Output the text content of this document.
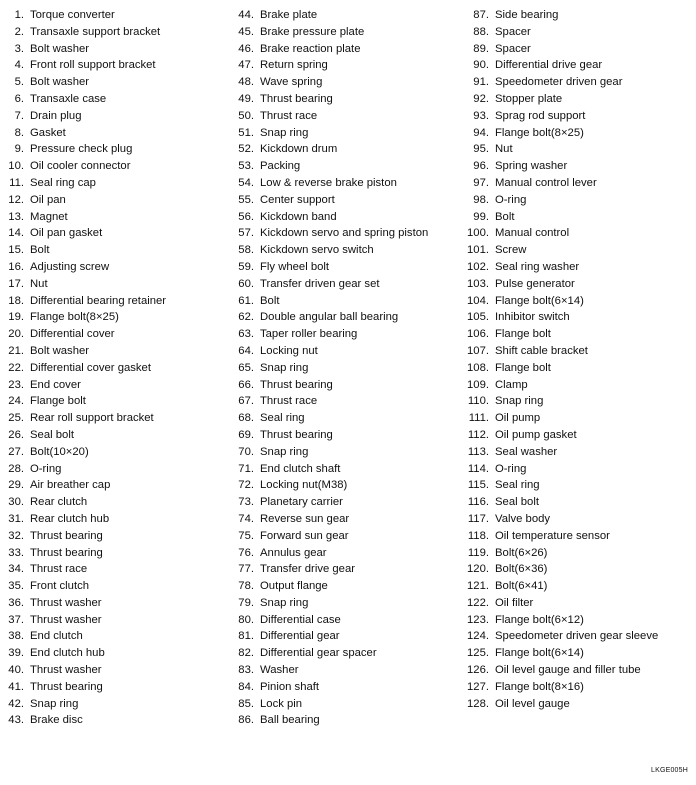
1. Torque converter
2. Transaxle support bracket
3. Bolt washer
4. Front roll support bracket
5. Bolt washer
6. Transaxle case
7. Drain plug
8. Gasket
9. Pressure check plug
10. Oil cooler connector
11. Seal ring cap
12. Oil pan
13. Magnet
14. Oil pan gasket
15. Bolt
16. Adjusting screw
17. Nut
18. Differential bearing retainer
19. Flange bolt(8×25)
20. Differential cover
21. Bolt washer
22. Differential cover gasket
23. End cover
24. Flange bolt
25. Rear roll support bracket
26. Seal bolt
27. Bolt(10×20)
28. O-ring
29. Air breather cap
30. Rear clutch
31. Rear clutch hub
32. Thrust bearing
33. Thrust bearing
34. Thrust race
35. Front clutch
36. Thrust washer
37. Thrust washer
38. End clutch
39. End clutch hub
40. Thrust washer
41. Thrust bearing
42. Snap ring
43. Brake disc
44. Brake plate
45. Brake pressure plate
46. Brake reaction plate
47. Return spring
48. Wave spring
49. Thrust bearing
50. Thrust race
51. Snap ring
52. Kickdown drum
53. Packing
54. Low & reverse brake piston
55. Center support
56. Kickdown band
57. Kickdown servo and spring piston
58. Kickdown servo switch
59. Fly wheel bolt
60. Transfer driven gear set
61. Bolt
62. Double angular ball bearing
63. Taper roller bearing
64. Locking nut
65. Snap ring
66. Thrust bearing
67. Thrust race
68. Seal ring
69. Thrust bearing
70. Snap ring
71. End clutch shaft
72. Locking nut(M38)
73. Planetary carrier
74. Reverse sun gear
75. Forward sun gear
76. Annulus gear
77. Transfer drive gear
78. Output flange
79. Snap ring
80. Differential case
81. Differential gear
82. Differential gear spacer
83. Washer
84. Pinion shaft
85. Lock pin
86. Ball bearing
87. Side bearing
88. Spacer
89. Spacer
90. Differential drive gear
91. Speedometer driven gear
92. Stopper plate
93. Sprag rod support
94. Flange bolt(8×25)
95. Nut
96. Spring washer
97. Manual control lever
98. O-ring
99. Bolt
100. Manual control
101. Screw
102. Seal ring washer
103. Pulse generator
104. Flange bolt(6×14)
105. Inhibitor switch
106. Flange bolt
107. Shift cable bracket
108. Flange bolt
109. Clamp
110. Snap ring
111. Oil pump
112. Oil pump gasket
113. Seal washer
114. O-ring
115. Seal ring
116. Seal bolt
117. Valve body
118. Oil temperature sensor
119. Bolt(6×26)
120. Bolt(6×36)
121. Bolt(6×41)
122. Oil filter
123. Flange bolt(6×12)
124. Speedometer driven gear sleeve
125. Flange bolt(6×14)
126. Oil level gauge and filler tube
127. Flange bolt(8×16)
128. Oil level gauge
LKGE005H
